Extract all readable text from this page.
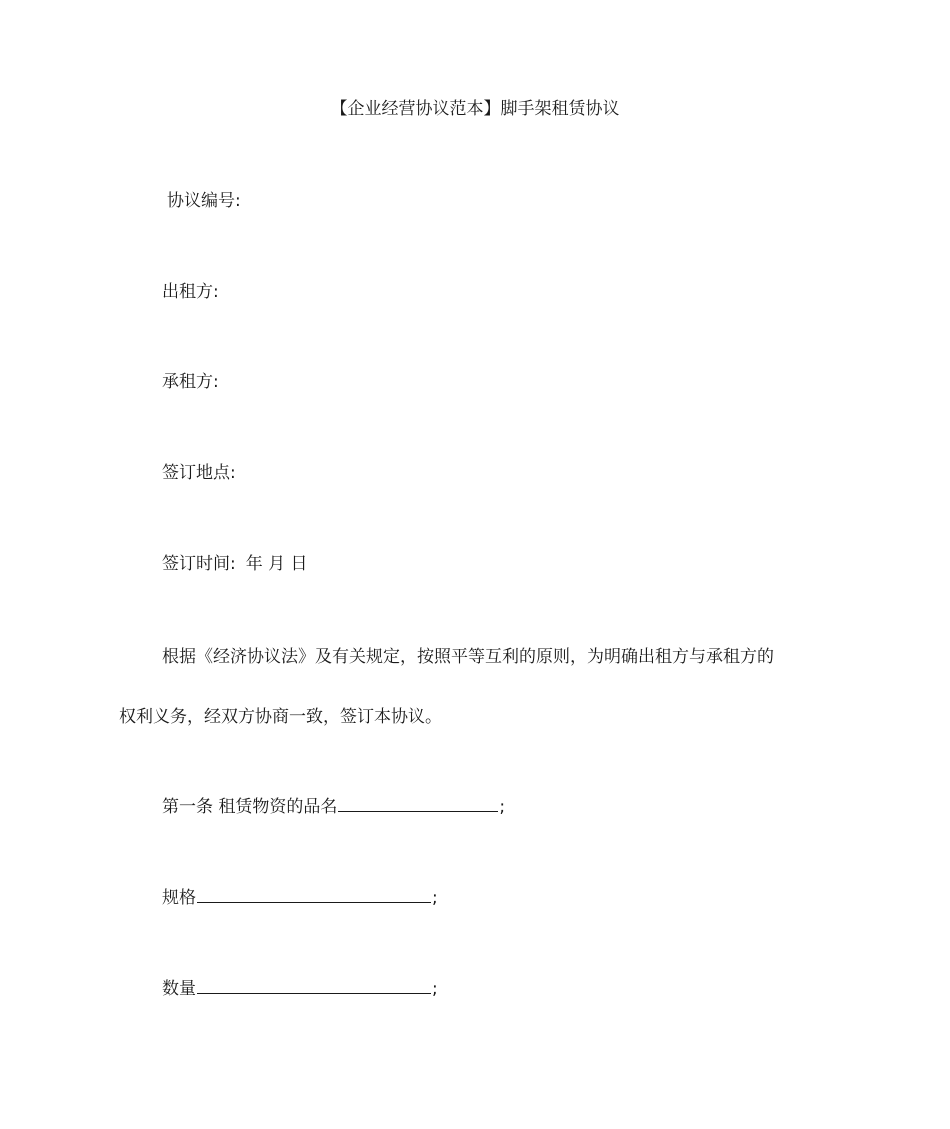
【企业经营协议范本】脚手架租赁协议
协议编号:
出租方:
承租方:
签订地点:
签订时间: 年 月 日
根据《经济协议法》及有关规定，按照平等互利的原则，为明确出租方与承租方的
权利义务，经双方协商一致，签订本协议。
第一条 租赁物资的品名	;
规格	;
数量	;
